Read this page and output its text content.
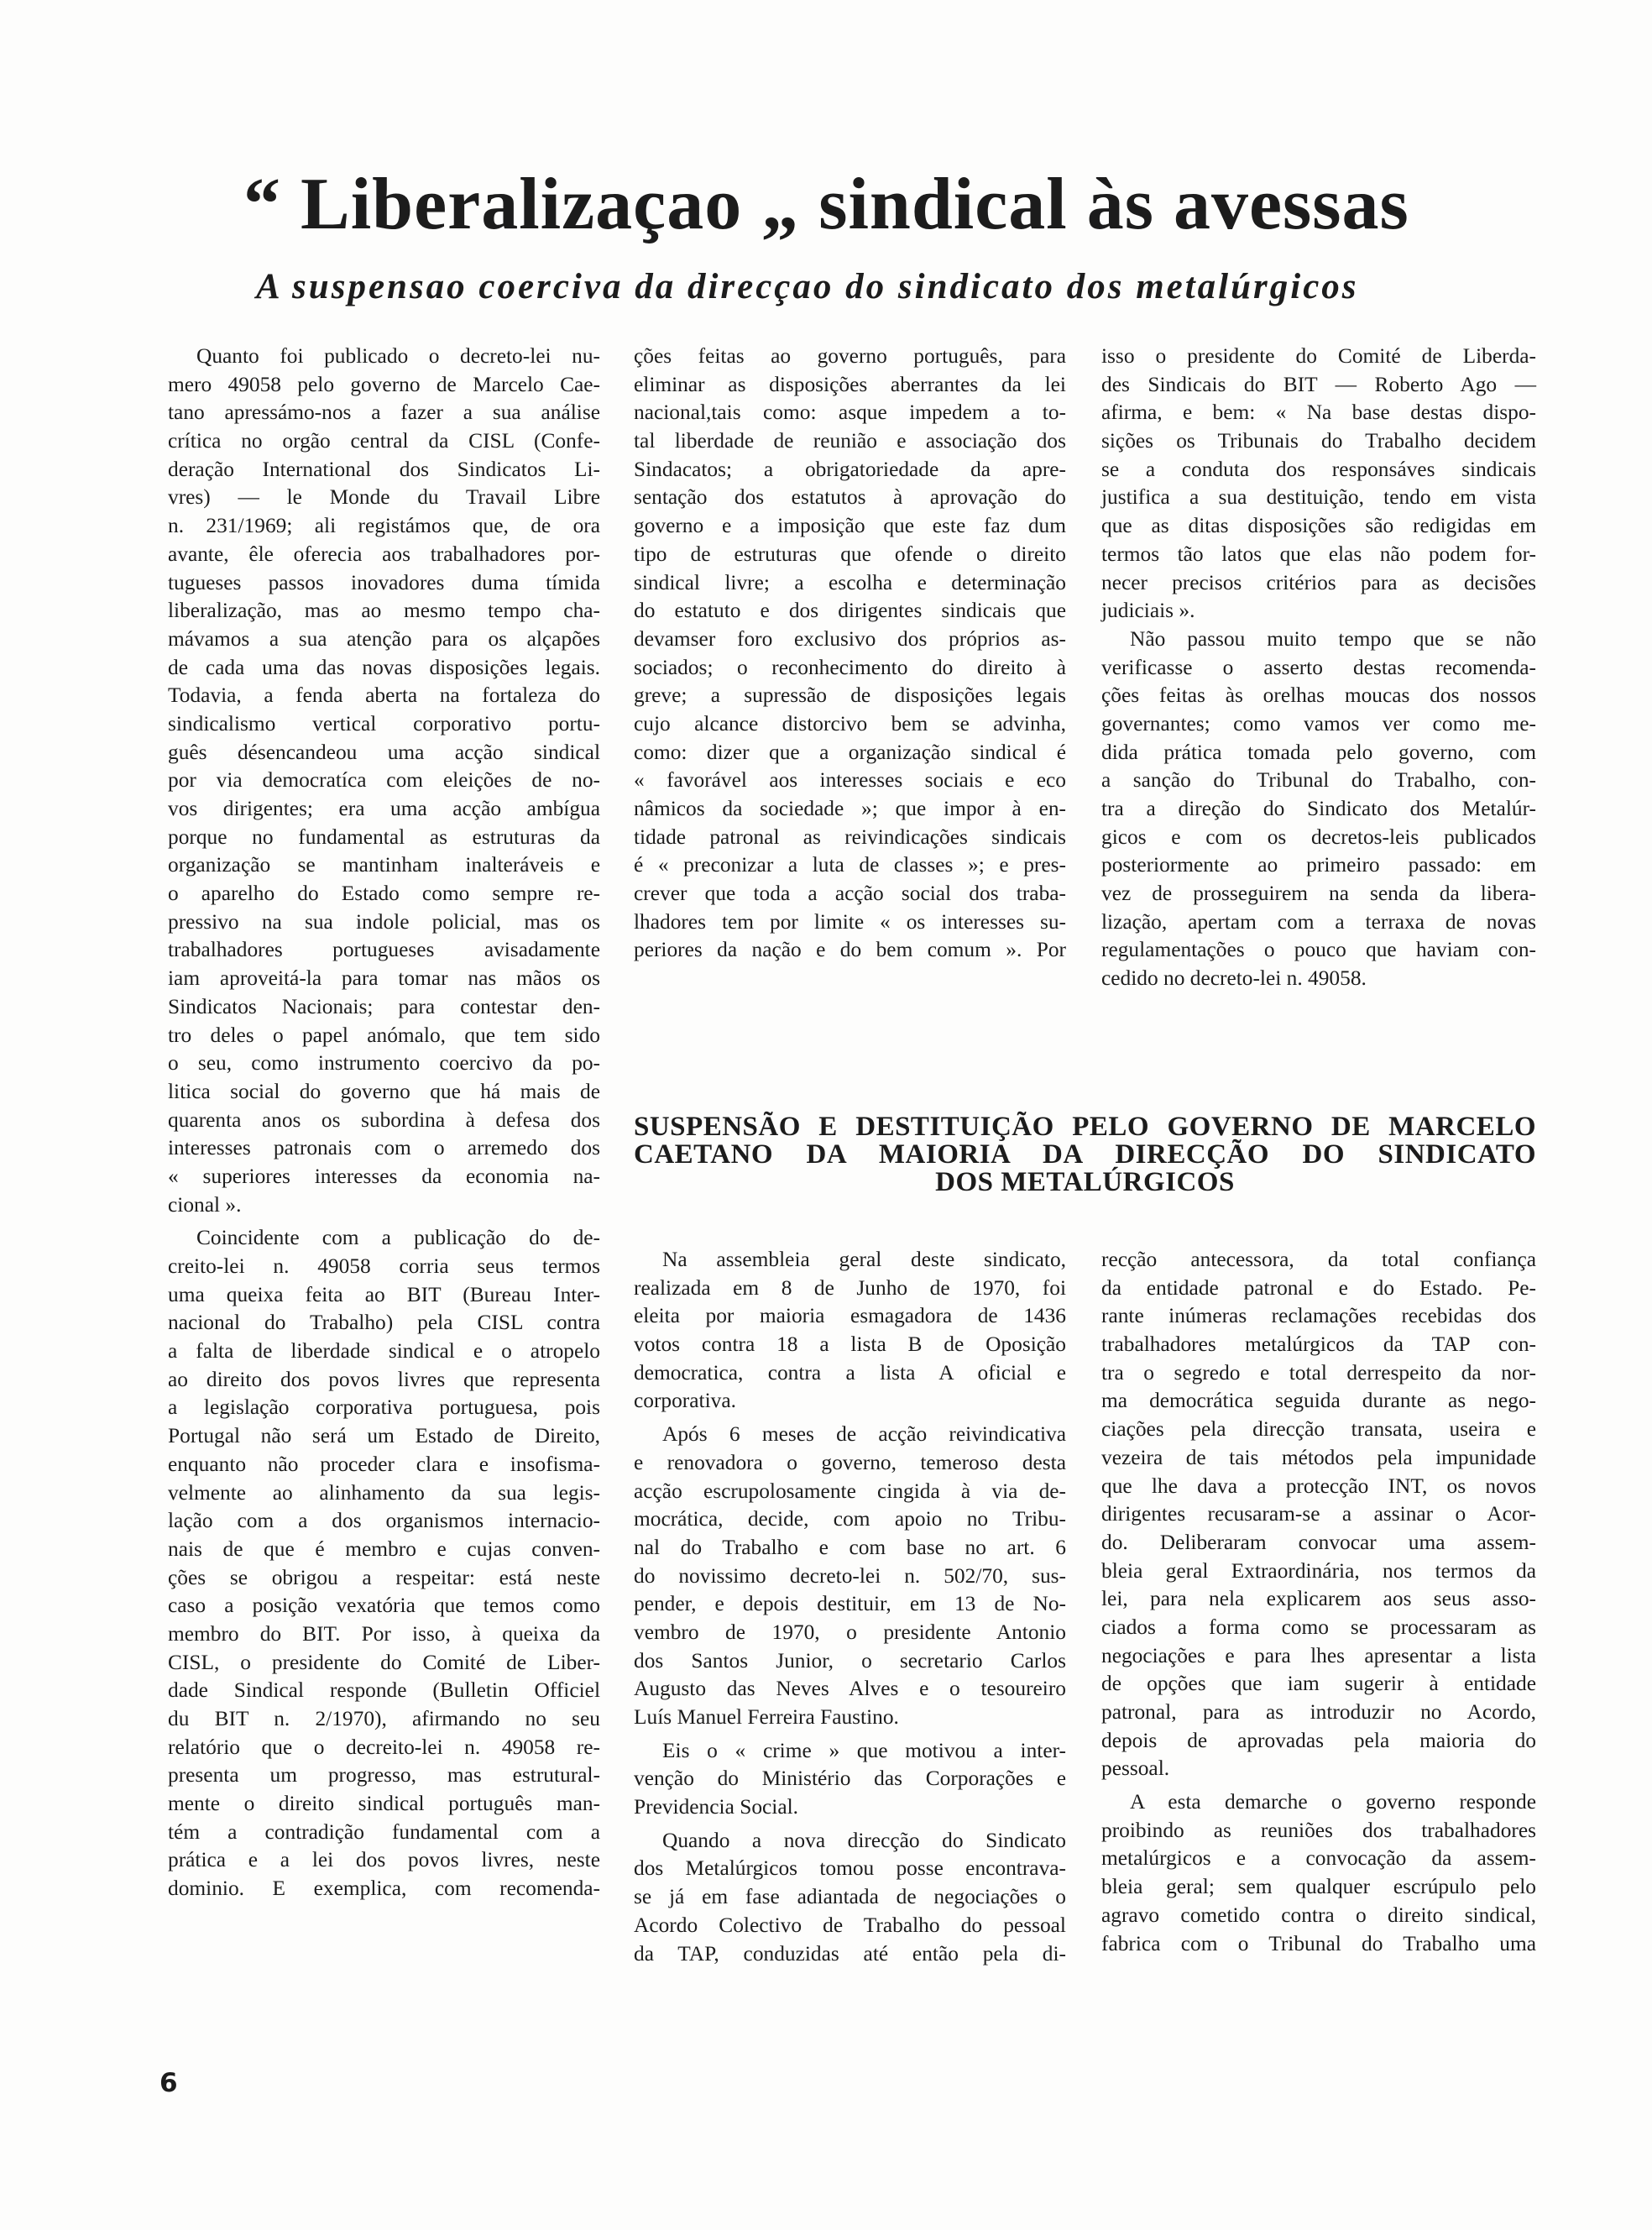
“ Liberalizaçao „ sindical às avessas
A suspensao coerciva da direcçao do sindicato dos metalúrgicos
Quanto foi publicado o decreto-lei nu-
mero 49058 pelo governo de Marcelo Cae-
tano apressámo-nos a fazer a sua análise
crítica no orgão central da CISL (Confe-
deração International dos Sindicatos Li-
vres) — le Monde du Travail Libre
n. 231/1969; ali registámos que, de ora
avante, êle oferecia aos trabalhadores por-
tugueses passos inovadores duma tímida
liberalização, mas ao mesmo tempo cha-
mávamos a sua atenção para os alçapões
de cada uma das novas disposições legais.
Todavia, a fenda aberta na fortaleza do
sindicalismo vertical corporativo portu-
guês désencandeou uma acção sindical
por via democratíca com eleições de no-
vos dirigentes; era uma acção ambígua
porque no fundamental as estruturas da
organização se mantinham inalteráveis e
o aparelho do Estado como sempre re-
pressivo na sua indole policial, mas os
trabalhadores portugueses avisadamente
iam aproveitá-la para tomar nas mãos os
Sindicatos Nacionais; para contestar den-
tro deles o papel anómalo, que tem sido
o seu, como instrumento coercivo da po-
litica social do governo que há mais de
quarenta anos os subordina à defesa dos
interesses patronais com o arremedo dos
« superiores interesses da economia na-
cional ».
Coincidente com a publicação do de-
creito-lei n. 49058 corria seus termos
uma queixa feita ao BIT (Bureau Inter-
nacional do Trabalho) pela CISL contra
a falta de liberdade sindical e o atropelo
ao direito dos povos livres que representa
a legislação corporativa portuguesa, pois
Portugal não será um Estado de Direito,
enquanto não proceder clara e insofisma-
velmente ao alinhamento da sua legis-
lação com a dos organismos internacio-
nais de que é membro e cujas conven-
ções se obrigou a respeitar: está neste
caso a posição vexatória que temos como
membro do BIT. Por isso, à queixa da
CISL, o presidente do Comité de Liber-
dade Sindical responde (Bulletin Officiel
du BIT n. 2/1970), afirmando no seu
relatório que o decreito-lei n. 49058 re-
presenta um progresso, mas estrutural-
mente o direito sindical português man-
tém a contradição fundamental com a
prática e a lei dos povos livres, neste
dominio. E exemplica, com recomenda-
ções feitas ao governo português, para
eliminar as disposições aberrantes da lei
nacional,tais como: asque impedem a to-
tal liberdade de reunião e associação dos
Sindacatos; a obrigatoriedade da apre-
sentação dos estatutos à aprovação do
governo e a imposição que este faz dum
tipo de estruturas que ofende o direito
sindical livre; a escolha e determinação
do estatuto e dos dirigentes sindicais que
devamser foro exclusivo dos próprios as-
sociados; o reconhecimento do direito à
greve; a supressão de disposições legais
cujo alcance distorcivo bem se advinha,
como: dizer que a organização sindical é
« favorável aos interesses sociais e eco
nâmicos da sociedade »; que impor à en-
tidade patronal as reivindicações sindicais
é « preconizar a luta de classes »; e pres-
crever que toda a acção social dos traba-
lhadores tem por limite « os interesses su-
periores da nação e do bem comum ». Por
isso o presidente do Comité de Liberda-
des Sindicais do BIT — Roberto Ago —
afirma, e bem: « Na base destas dispo-
sições os Tribunais do Trabalho decidem
se a conduta dos responsáves sindicais
justifica a sua destituição, tendo em vista
que as ditas disposições são redigidas em
termos tão latos que elas não podem for-
necer precisos critérios para as decisões
judiciais ».
Não passou muito tempo que se não
verificasse o asserto destas recomenda-
ções feitas às orelhas moucas dos nossos
governantes; como vamos ver como me-
dida prática tomada pelo governo, com
a sanção do Tribunal do Trabalho, con-
tra a direção do Sindicato dos Metalúr-
gicos e com os decretos-leis publicados
posteriormente ao primeiro passado: em
vez de prosseguirem na senda da libera-
lização, apertam com a terraxa de novas
regulamentações o pouco que haviam con-
cedido no decreto-lei n. 49058.
SUSPENSÃO E DESTITUIÇÃO PELO GOVERNO DE MARCELO
CAETANO DA MAIORIA DA DIRECÇÃO DO SINDICATO
DOS METALÚRGICOS
Na assembleia geral deste sindicato,
realizada em 8 de Junho de 1970, foi
eleita por maioria esmagadora de 1436
votos contra 18 a lista B de Oposição
democratica, contra a lista A oficial e
corporativa.
Após 6 meses de acção reivindicativa
e renovadora o governo, temeroso desta
acção escrupolosamente cingida à via de-
mocrática, decide, com apoio no Tribu-
nal do Trabalho e com base no art. 6
do novissimo decreto-lei n. 502/70, sus-
pender, e depois destituir, em 13 de No-
vembro de 1970, o presidente Antonio
dos Santos Junior, o secretario Carlos
Augusto das Neves Alves e o tesoureiro
Luís Manuel Ferreira Faustino.
Eis o « crime » que motivou a inter-
venção do Ministério das Corporações e
Previdencia Social.
Quando a nova direcção do Sindicato
dos Metalúrgicos tomou posse encontrava-
se já em fase adiantada de negociações o
Acordo Colectivo de Trabalho do pessoal
da TAP, conduzidas até então pela di-
recção antecessora, da total confiança
da entidade patronal e do Estado. Pe-
rante inúmeras reclamações recebidas dos
trabalhadores metalúrgicos da TAP con-
tra o segredo e total derrespeito da nor-
ma democrática seguida durante as nego-
ciações pela direcção transata, useira e
vezeira de tais métodos pela impunidade
que lhe dava a protecção INT, os novos
dirigentes recusaram-se a assinar o Acor-
do. Deliberaram convocar uma assem-
bleia geral Extraordinária, nos termos da
lei, para nela explicarem aos seus asso-
ciados a forma como se processaram as
negociações e para lhes apresentar a lista
de opções que iam sugerir à entidade
patronal, para as introduzir no Acordo,
depois de aprovadas pela maioria do
pessoal.
A esta demarche o governo responde
proibindo as reuniões dos trabalhadores
metalúrgicos e a convocação da assem-
bleia geral; sem qualquer escrúpulo pelo
agravo cometido contra o direito sindical,
fabrica com o Tribunal do Trabalho uma
6
